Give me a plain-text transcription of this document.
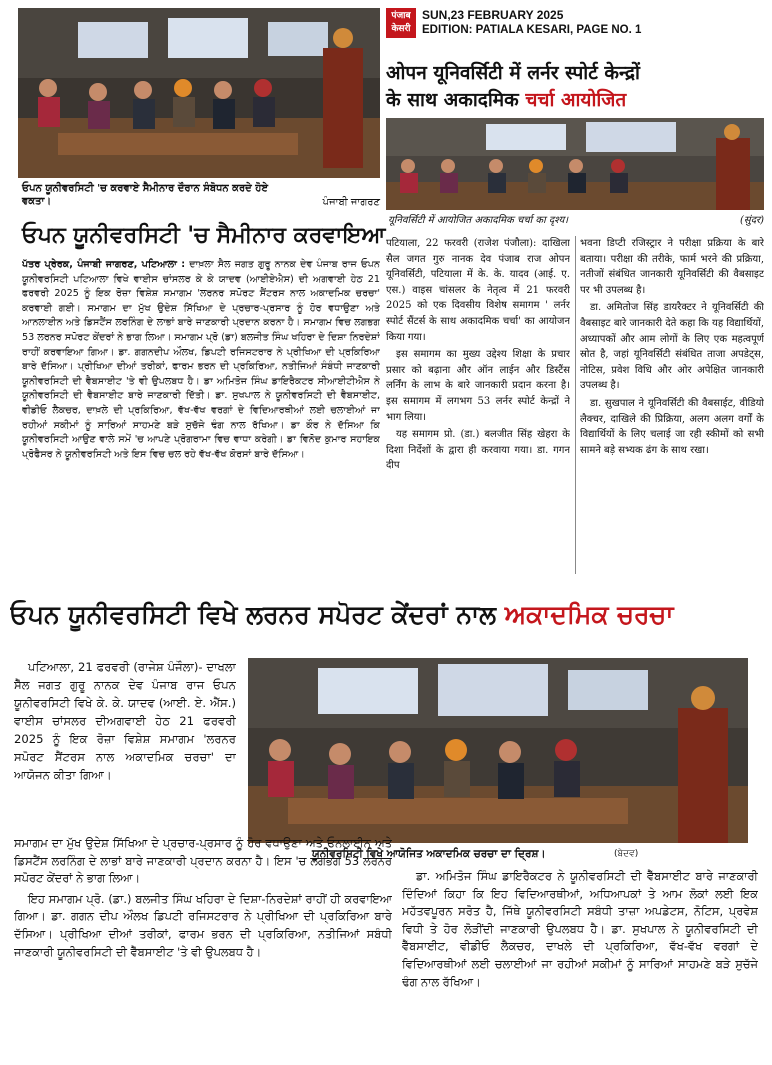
ਓਪਨ ਯੂਨੀਵਰਸਿਟੀ 'ਚ ਕਰਵਾਏ ਸੈਮੀਨਾਰ ਦੌਰਾਨ ਸੰਬੋਧਨ ਕਰਦੇ ਹੋਏ ਵਕਤਾ।	ਪੰਜਾਬੀ ਜਾਗਰਣ
ਓਪਨ ਯੂਨੀਵਰਸਿਟੀ 'ਚ ਸੈਮੀਨਾਰ ਕਰਵਾਇਆ

ਪੱਤਰ ਪ੍ਰੇਰਕ, ਪੰਜਾਬੀ ਜਾਗਰਣ, ਪਟਿਆਲਾ : ਦਾਖ਼ਲਾ ਸੈਲ ਜਗਤ ਗੁਰੂ ਨਾਨਕ ਦੇਵ ਪੰਜਾਬ ਰਾਜ ਓਪਨ ਯੂਨੀਵਰਸਿਟੀ ਪਟਿਆਲਾ ਵਿਖੇ ਵਾਈਸ ਚਾਂਸਲਰ ਕੇ ਕੇ ਯਾਦਵ (ਆਈਏਐਸ) ਦੀ ਅਗਵਾਈ ਹੇਠ 21 ਫਰਵਰੀ 2025 ਨੂੰ ਇਕ ਰੋਜ਼ਾ ਵਿਸ਼ੇਸ਼ ਸਮਾਗਮ 'ਲਰਨਰ ਸਪੋਰਟ ਸੈਂਟਰਸ ਨਾਲ ਅਕਾਦਮਿਕ ਚਰਚਾ' ਕਰਵਾਈ ਗਈ। ਸਮਾਗਮ ਦਾ ਮੁੱਖ ਉਦੇਸ਼ ਸਿੱਖਿਆ ਦੇ ਪ੍ਰਚਾਰ-ਪ੍ਰਸਾਰ ਨੂੰ ਹੋਰ ਵਧਾਉਣਾ ਅਤੇ ਆਨਲਾਈਨ ਅਤੇ ਡਿਸਟੈਂਸ ਲਰਨਿੰਗ ਦੇ ਲਾਭਾਂ ਬਾਰੇ ਜਾਣਕਾਰੀ ਪ੍ਰਦਾਨ ਕਰਨਾ ਹੈ। ਸਮਾਗਮ ਵਿਚ ਲਗਭਗ 53 ਲਰਨਰ ਸਪੋਰਟ ਕੇਂਦਰਾਂ ਨੇ ਭਾਗ ਲਿਆ। ਸਮਾਗਮ ਪ੍ਰੋ (ਡਾ) ਬਲਜੀਤ ਸਿੰਘ ਖਹਿਰਾ ਦੇ ਦਿਸ਼ਾ ਨਿਰਦੇਸ਼ਾਂ ਰਾਹੀਂ ਕਰਵਾਇਆ ਗਿਆ। ਡਾ. ਗਗਨਦੀਪ ਔਲਖ, ਡਿਪਟੀ ਰਜਿਸਟਰਾਰ ਨੇ ਪ੍ਰੀਖਿਆ ਦੀ ਪ੍ਰਕਿਰਿਆ ਬਾਰੇ ਦੱਸਿਆ। ਪ੍ਰੀਖਿਆ ਦੀਆਂ ਤਰੀਕਾਂ, ਫਾਰਮ ਭਰਨ ਦੀ ਪ੍ਰਕਿਰਿਆ, ਨਤੀਜਿਆਂ ਸੰਬੰਧੀ ਜਾਣਕਾਰੀ ਯੂਨੀਵਰਸਿਟੀ ਦੀ ਵੈਬਸਾਈਟ 'ਤੇ ਵੀ ਉਪਲਬਧ ਹੈ। ਡਾ ਅਮਿਤੋਜ ਸਿੰਘ ਡਾਇਰੈਕਟਰ ਸੀਆਈਟੀਐਸ ਨੇ ਯੂਨੀਵਰਸਿਟੀ ਦੀ ਵੈਬਸਾਈਟ ਬਾਰੇ ਜਾਣਕਾਰੀ ਦਿੱਤੀ। ਡਾ. ਸੁਖਪਾਲ ਨੇ ਯੂਨੀਵਰਸਿਟੀ ਦੀ ਵੈਬਸਾਈਟ, ਵੀਡੀਓ ਲੈਕਚਰ, ਦਾਖ਼ਲੇ ਦੀ ਪ੍ਰਕਿਰਿਆ, ਵੱਖ-ਵੱਖ ਵਰਗਾਂ ਦੇ ਵਿਦਿਆਰਥੀਆਂ ਲਈ ਚਲਾਈਆਂ ਜਾ ਰਹੀਆਂ ਸਕੀਮਾਂ ਨੂੰ ਸਾਰਿਆਂ ਸਾਹਮਣੇ ਬੜੇ ਸੁਚੱਜੇ ਢੰਗ ਨਾਲ ਰੱਖਿਆ। ਡਾ ਕੌਰ ਨੇ ਦੱਸਿਆ ਕਿ ਯੂਨੀਵਰਸਿਟੀ ਆਉਣ ਵਾਲੇ ਸਮੇਂ 'ਚ ਆਪਣੇ ਪ੍ਰੋਗਰਾਮਾ ਵਿਚ ਵਾਧਾ ਕਰੇਗੀ। ਡਾ ਵਿਨੋਦ ਕੁਮਾਰ ਸਹਾਇਕ ਪ੍ਰੋਫੈਸਰ ਨੇ ਯੂਨੀਵਰਸਿਟੀ ਅਤੇ ਇਸ ਵਿਚ ਚਲ ਰਹੇ ਵੱਖ-ਵੱਖ ਕੋਰਸਾਂ ਬਾਰੇ ਦੱਸਿਆ।

पंजाब केसरी
SUN,23 FEBRUARY 2025
EDITION: PATIALA KESARI, PAGE NO. 1
ओपन यूनिवर्सिटी में लर्नर स्पोर्ट केन्द्रों
के साथ अकादमिक चर्चा आयोजित
यूनिवर्सिटी में आयोजित अकादमिक चर्चा का दृश्य।	(सुंदर)

पटियाला, 22 फरवरी (राजेश पंजौला): दाखिला सैल जगत गुरु नानक देव पंजाब राज ओपन यूनिवर्सिटी, पटियाला में के. के. यादव (आई. ए. एस.) वाइस चांसलर के नेतृत्व में 21 फरवरी 2025 को एक दिवसीय विशेष समागम ' लर्नर स्पोर्ट सैंटर्स के साथ अकादमिक चर्चा' का आयोजन किया गया।

इस समागम का मुख्य उद्देश्य शिक्षा के प्रचार प्रसार को बढ़ाना और ऑन लाईन और डिस्टैंस लर्निंग के लाभ के बारे जानकारी प्रदान करना है। इस समागम में लगभग 53 लर्नर स्पोर्ट केन्द्रों ने भाग लिया।

यह समागम प्रो. (डा.) बलजीत सिंह खेहरा के दिशा निर्देशों के द्वारा ही करवाया गया। डा. गगन दीप

भवना डिप्टी रजिस्ट्रार ने परीक्षा प्रक्रिया के बारे बताया। परीक्षा की तरीके, फार्म भरने की प्रक्रिया, नतीजों संबंधित जानकारी यूनिवर्सिटी की वैबसाइट पर भी उपलब्ध है।

डा. अमितोज सिंह डायरैक्टर ने यूनिवर्सिटी की वैबसाइट बारे जानकारी देते कहा कि यह विद्यार्थियों, अध्यापकों और आम लोगों के लिए एक महत्वपूर्ण स्रोत है, जहां यूनिवर्सिटी संबंधित ताजा अपडेट्स, नोटिस, प्रवेश विधि और ओर अपेक्षित जानकारी उपलब्ध है।

डा. सुखपाल ने यूनिवर्सिटी की वैबसाईट, वीडियो लैक्चर, दाखिले की प्रिक्रिया, अलग अलग वर्गों के विद्यार्थियों के लिए चलाई जा रही स्कीमों को सभी सामने बड़े सभ्यक ढंग के साथ रखा।

ਓਪਨ ਯੂਨੀਵਰਸਿਟੀ ਵਿਖੇ ਲਰਨਰ ਸਪੋਰਟ ਕੇਂਦਰਾਂ ਨਾਲ ਅਕਾਦਮਿਕ ਚਰਚਾ

ਪਟਿਆਲਾ, 21 ਫਰਵਰੀ (ਰਾਜੇਸ਼ ਪੰਜੌਲਾ)- ਦਾਖਲਾ ਸੈੱਲ ਜਗਤ ਗੁਰੂ ਨਾਨਕ ਦੇਵ ਪੰਜਾਬ ਰਾਜ ਓਪਨ ਯੂਨੀਵਰਸਿਟੀ ਵਿਖੇ ਕੇ. ਕੇ. ਯਾਦਵ (ਆਈ. ਏ. ਐੱਸ.) ਵਾਈਸ ਚਾਂਸਲਰ ਦੀਅਗਵਾਈ ਹੇਠ 21 ਫਰਵਰੀ 2025 ਨੂੰ ਇਕ ਰੋਜ਼ਾ ਵਿਸ਼ੇਸ਼ ਸਮਾਗਮ 'ਲਰਨਰ ਸਪੋਰਟ ਸੈਂਟਰਸ ਨਾਲ ਅਕਾਦਮਿਕ ਚਰਚਾ' ਦਾ ਆਯੋਜਨ ਕੀਤਾ ਗਿਆ।

ਯੂਨੀਵਰਸਿਟੀ ਵਿਖੇ ਆਯੋਜਿਤ ਅਕਾਦਮਿਕ ਚਰਚਾ ਦਾ ਦ੍ਰਿਸ਼।	(ਬੇਦਵ)

ਸਮਾਗਮ ਦਾ ਮੁੱਖ ਉਦੇਸ਼ ਸਿੱਖਿਆ ਦੇ ਪ੍ਰਚਾਰ-ਪ੍ਰਸਾਰ ਨੂੰ ਹੋਰ ਵਧਾਉਣਾ ਅਤੇ ਓਨਲਾਈਨ ਅਤੇ ਡਿਸਟੈਂਸ ਲਰਨਿੰਗ ਦੇ ਲਾਭਾਂ ਬਾਰੇ ਜਾਣਕਾਰੀ ਪ੍ਰਦਾਨ ਕਰਨਾ ਹੈ। ਇਸ 'ਚ ਲਗਭਗ 53 ਲਰਨਰ ਸਪੋਰਟ ਕੇਂਦਰਾਂ ਨੇ ਭਾਗ ਲਿਆ।

ਇਹ ਸਮਾਗਮ ਪ੍ਰੋ. (ਡਾ.) ਬਲਜੀਤ ਸਿੰਘ ਖਹਿਰਾ ਦੇ ਦਿਸ਼ਾ-ਨਿਰਦੇਸ਼ਾਂ ਰਾਹੀਂ ਹੀ ਕਰਵਾਇਆ ਗਿਆ। ਡਾ. ਗਗਨ ਦੀਪ ਔਲਖ ਡਿਪਟੀ ਰਜਿਸਟਰਾਰ ਨੇ ਪ੍ਰੀਖਿਆ ਦੀ ਪ੍ਰਕਿਰਿਆ ਬਾਰੇ ਦੱਸਿਆ। ਪ੍ਰੀਖਿਆ ਦੀਆਂ ਤਰੀਕਾਂ, ਫਾਰਮ ਭਰਨ ਦੀ ਪ੍ਰਕਿਰਿਆ, ਨਤੀਜਿਆਂ ਸਬੰਧੀ ਜਾਣਕਾਰੀ ਯੂਨੀਵਰਸਿਟੀ ਦੀ ਵੈੱਬਸਾਈਟ 'ਤੇ ਵੀ ਉਪਲਬਧ ਹੈ।

ਡਾ. ਅਮਿਤੋਜ ਸਿੰਘ ਡਾਇਰੈਕਟਰ ਨੇ ਯੂਨੀਵਰਸਿਟੀ ਦੀ ਵੈੱਬਸਾਈਟ ਬਾਰੇ ਜਾਣਕਾਰੀ ਦਿੰਦਿਆਂ ਕਿਹਾ ਕਿ ਇਹ ਵਿਦਿਆਰਥੀਆਂ, ਅਧਿਆਪਕਾਂ ਤੇ ਆਮ ਲੋਕਾਂ ਲਈ ਇਕ ਮਹੱਤਵਪੂਰਨ ਸਰੋਤ ਹੈ, ਜਿੱਥੇ ਯੂਨੀਵਰਸਿਟੀ ਸਬੰਧੀ ਤਾਜ਼ਾ ਅਪਡੇਟਸ, ਨੋਟਿਸ, ਪ੍ਰਵੇਸ਼ ਵਿਧੀ ਤੇ ਹੋਰ ਲੋੜੀਂਦੀ ਜਾਣਕਾਰੀ ਉਪਲਬਧ ਹੈ। ਡਾ. ਸੁਖਪਾਲ ਨੇ ਯੂਨੀਵਰਸਿਟੀ ਦੀ ਵੈੱਬਸਾਈਟ, ਵੀਡੀਓ ਲੈਕਚਰ, ਦਾਖਲੇ ਦੀ ਪ੍ਰਕਿਰਿਆ, ਵੱਖ-ਵੱਖ ਵਰਗਾਂ ਦੇ ਵਿਦਿਆਰਥੀਆਂ ਲਈ ਚਲਾਈਆਂ ਜਾ ਰਹੀਆਂ ਸਕੀਮਾਂ ਨੂੰ ਸਾਰਿਆਂ ਸਾਹਮਣੇ ਬੜੇ ਸੁਚੱਜੇ ਢੰਗ ਨਾਲ ਰੱਖਿਆ।
